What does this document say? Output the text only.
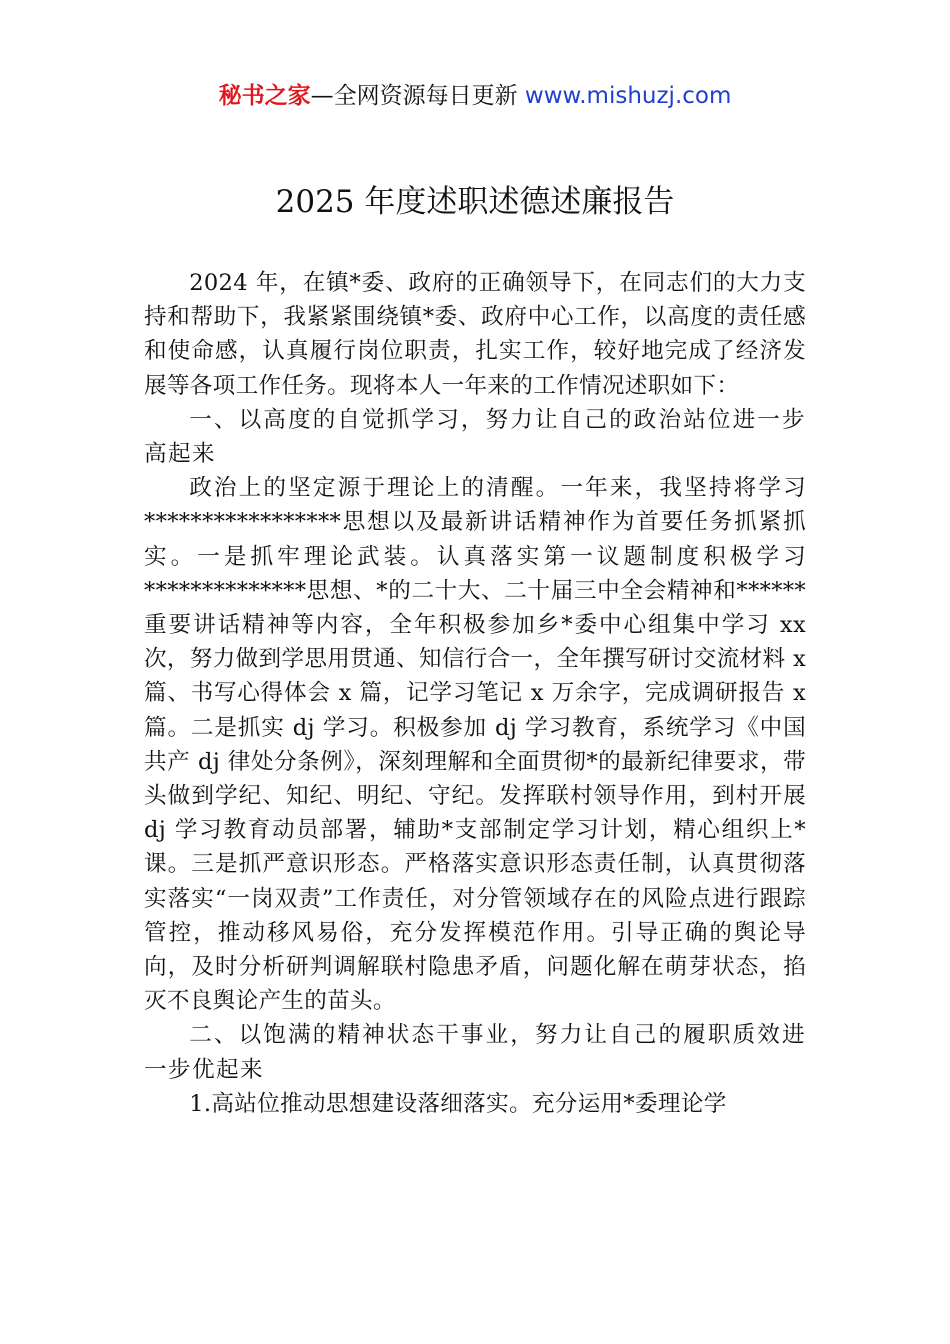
秘书之家—全网资源每日更新 www.mishuzj.com
2025 年度述职述德述廉报告

2024 年，在镇*委、政府的正确领导下，在同志们的大力支持和帮助下，我紧紧围绕镇*委、政府中心工作，以高度的责任感和使命感，认真履行岗位职责，扎实工作，较好地完成了经济发展等各项工作任务。现将本人一年来的工作情况述职如下：

一、以高度的自觉抓学习，努力让自己的政治站位进一步高起来

政治上的坚定源于理论上的清醒。一年来，我坚持将学习*****************思想以及最新讲话精神作为首要任务抓紧抓实。一是抓牢理论武装。认真落实第一议题制度积极学习**************思想、*的二十大、二十届三中全会精神和******重要讲话精神等内容，全年积极参加乡*委中心组集中学习 xx 次，努力做到学思用贯通、知信行合一，全年撰写研讨交流材料 x 篇、书写心得体会 x 篇，记学习笔记 x 万余字，完成调研报告 x 篇。二是抓实 dj 学习。积极参加 dj 学习教育，系统学习《中国共产 dj 律处分条例》，深刻理解和全面贯彻*的最新纪律要求，带头做到学纪、知纪、明纪、守纪。发挥联村领导作用，到村开展 dj 学习教育动员部署，辅助*支部制定学习计划，精心组织上*课。三是抓严意识形态。严格落实意识形态责任制，认真贯彻落实落实“一岗双责”工作责任，对分管领域存在的风险点进行跟踪管控，推动移风易俗，充分发挥模范作用。引导正确的舆论导向，及时分析研判调解联村隐患矛盾，问题化解在萌芽状态，掐灭不良舆论产生的苗头。

二、以饱满的精神状态干事业，努力让自己的履职质效进一步优起来

1.高站位推动思想建设落细落实。充分运用*委理论学
